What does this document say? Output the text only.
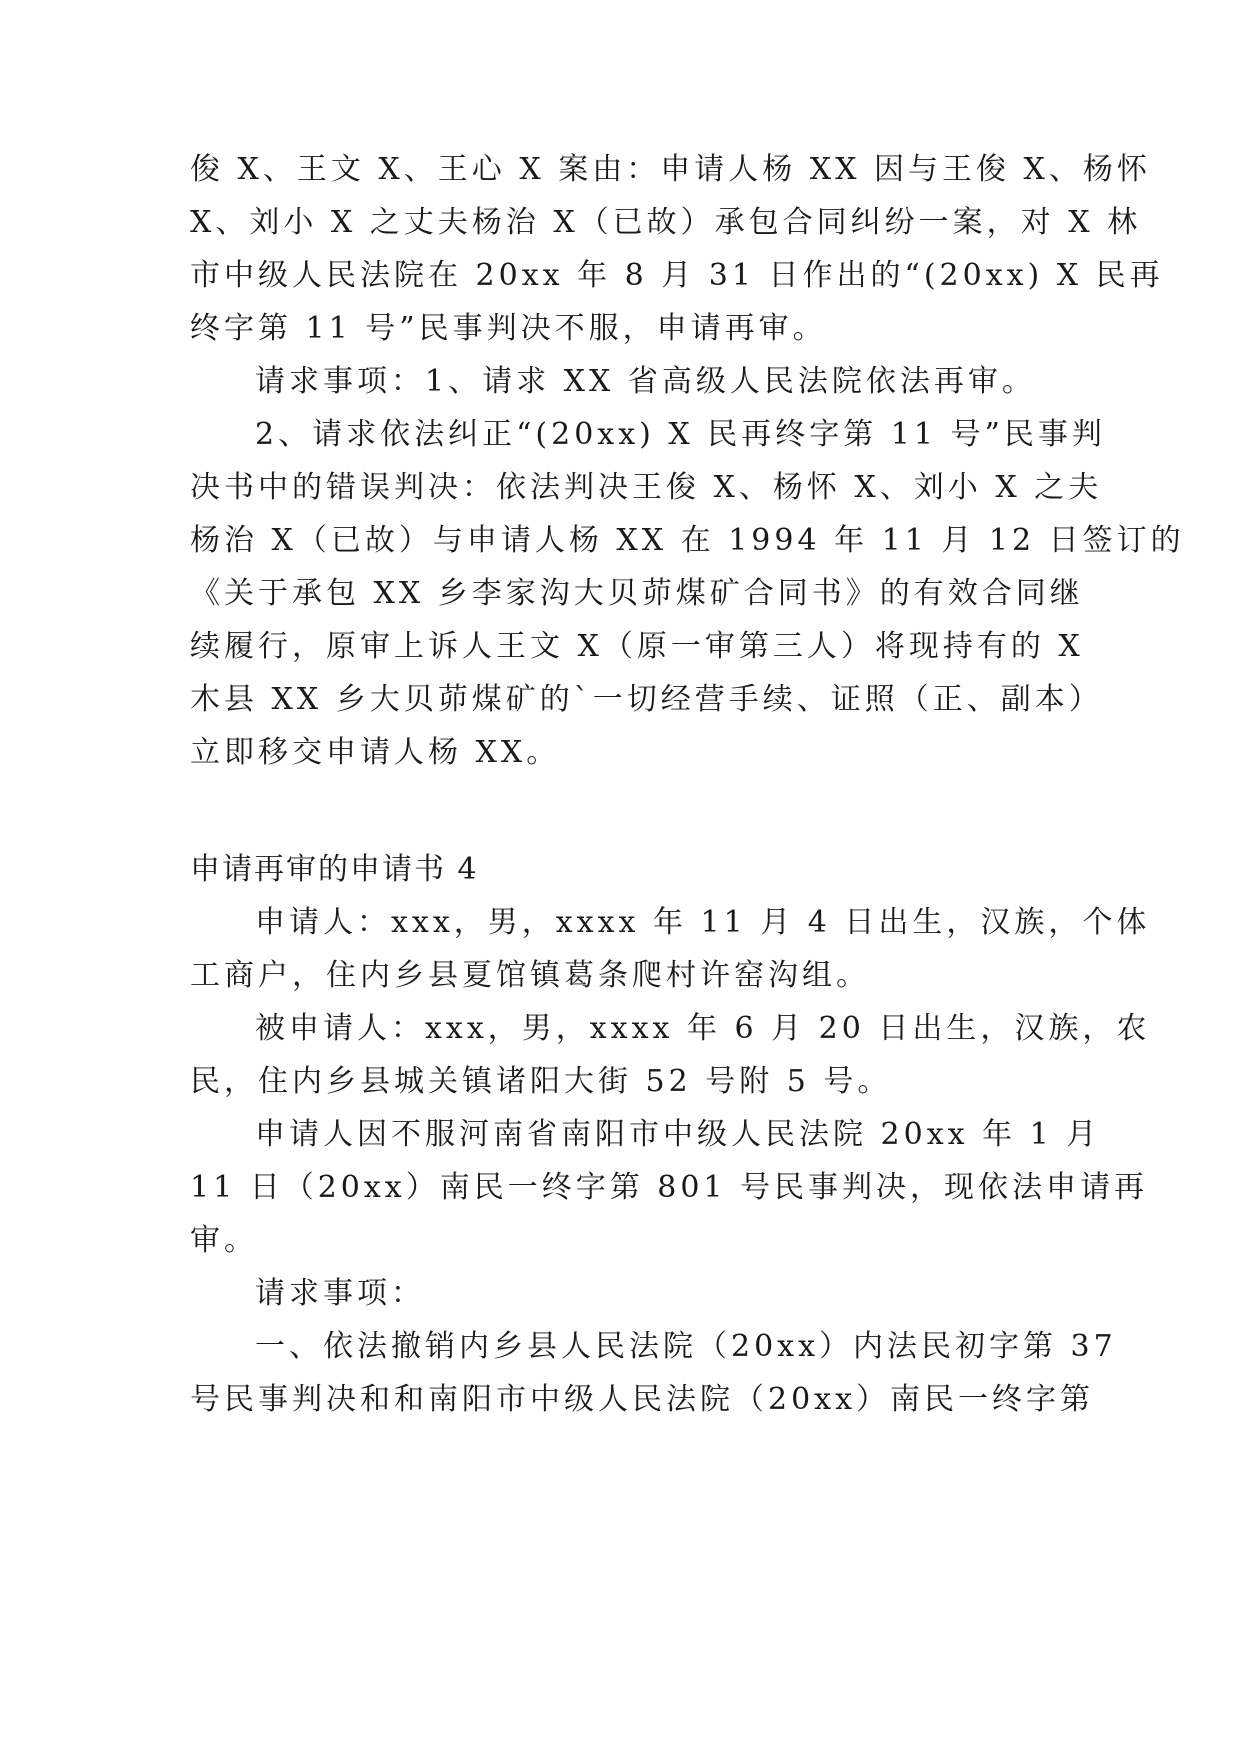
俊 X、王文 X、王心 X 案由：申请人杨 XX 因与王俊 X、杨怀
X、刘小 X 之丈夫杨治 X（已故）承包合同纠纷一案，对 X 林
市中级人民法院在 20xx 年 8 月 31 日作出的“(20xx) X 民再
终字第 11 号”民事判决不服，申请再审。
请求事项：1、请求 XX 省高级人民法院依法再审。
2、请求依法纠正“(20xx) X 民再终字第 11 号”民事判
决书中的错误判决：依法判决王俊 X、杨怀 X、刘小 X 之夫
杨治 X（已故）与申请人杨 XX 在 1994 年 11 月 12 日签订的
《关于承包 XX 乡李家沟大贝茆煤矿合同书》的有效合同继
续履行，原审上诉人王文 X（原一审第三人）将现持有的 X
木县 XX 乡大贝茆煤矿的`一切经营手续、证照（正、副本）
立即移交申请人杨 XX。
申请再审的申请书 4
申请人：xxx，男，xxxx 年 11 月 4 日出生，汉族，个体
工商户，住内乡县夏馆镇葛条爬村许窑沟组。
被申请人：xxx，男，xxxx 年 6 月 20 日出生，汉族，农
民，住内乡县城关镇诸阳大街 52 号附 5 号。
申请人因不服河南省南阳市中级人民法院 20xx 年 1 月
11 日（20xx）南民一终字第 801 号民事判决，现依法申请再
审。
请求事项：
一、依法撤销内乡县人民法院（20xx）内法民初字第 37
号民事判决和和南阳市中级人民法院（20xx）南民一终字第
